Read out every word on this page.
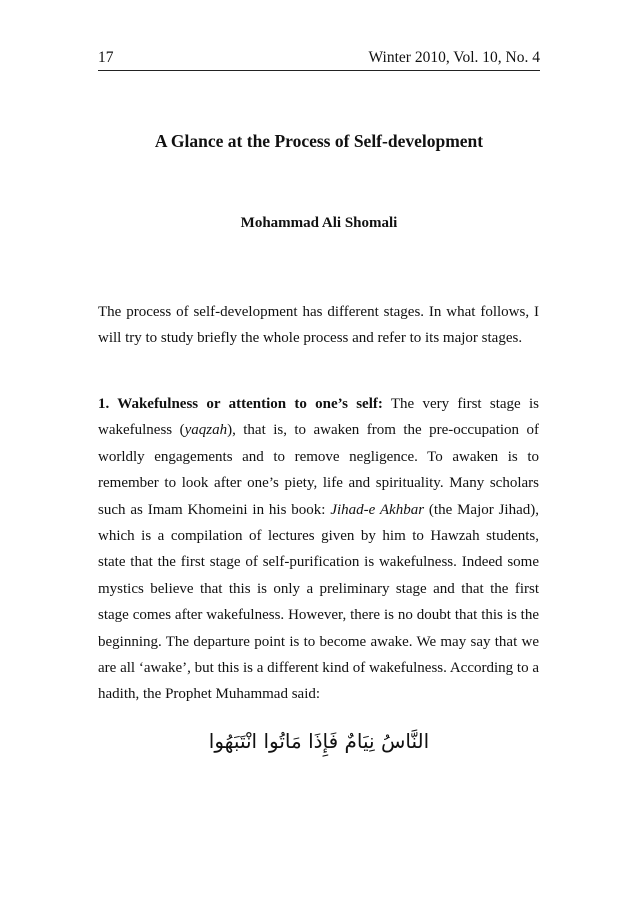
17	Winter 2010, Vol. 10, No. 4
A Glance at the Process of Self-development
Mohammad Ali Shomali

The process of self-development has different stages. In what follows, I will try to study briefly the whole process and refer to its major stages.

1. Wakefulness or attention to one’s self: The very first stage is wakefulness (yaqzah), that is, to awaken from the pre-occupation of worldly engagements and to remove negligence. To awaken is to remember to look after one’s piety, life and spirituality. Many scholars such as Imam Khomeini in his book: Jihad-e Akhbar (the Major Jihad), which is a compilation of lectures given by him to Hawzah students, state that the first stage of self-purification is wakefulness. Indeed some mystics believe that this is only a preliminary stage and that the first stage comes after wakefulness. However, there is no doubt that this is the beginning. The departure point is to become awake. We may say that we are all ‘awake’, but this is a different kind of wakefulness. According to a hadith, the Prophet Muhammad said:

النَّاسُ نِيَامٌ فَإِذَا مَاتُوا انْتَبَهُوا
